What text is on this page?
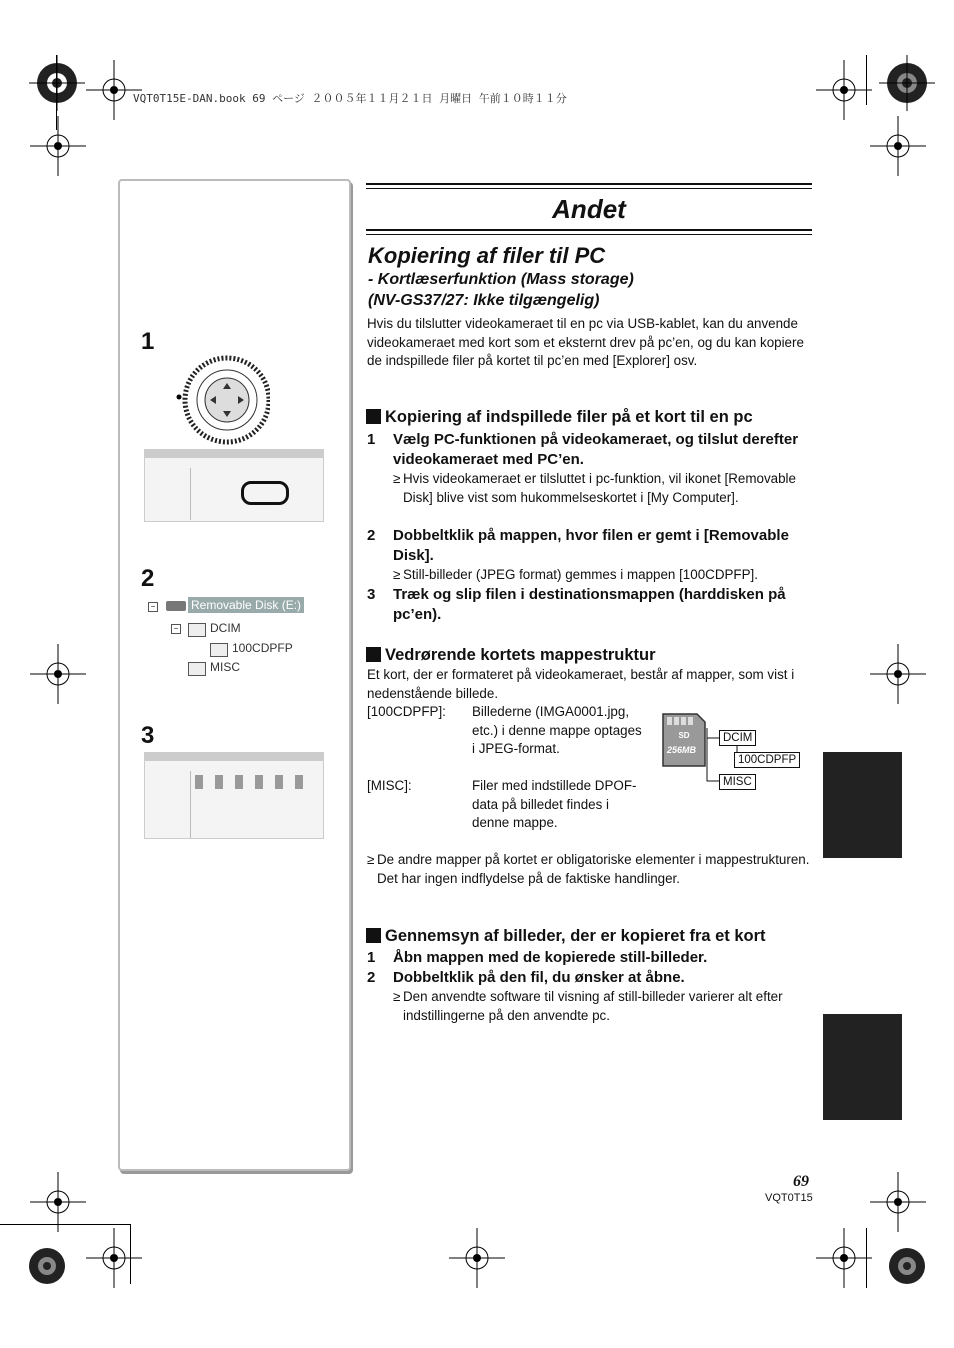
VQT0T15E-DAN.book 69 ページ ２００５年１１月２１日 月曜日 午前１０時１１分
1
2
−	Removable Disk (E:)
−	DCIM
100CDPFP
MISC
3
Andet
Kopiering af filer til PC
- Kortlæserfunktion (Mass storage)
(NV-GS37/27: Ikke tilgængelig)
Hvis du tilslutter videokameraet til en pc via USB-kablet, kan du anvende videokameraet med kort som et eksternt drev på pc’en, og du kan kopiere de indspillede filer på kortet til pc’en med [Explorer] osv.
Kopiering af indspillede filer på et kort til en pc
1 Vælg PC-funktionen på videokameraet, og tilslut derefter videokameraet med PC’en.
≥ Hvis videokameraet er tilsluttet i pc-funktion, vil ikonet [Removable Disk] blive vist som hukommelseskortet i [My Computer].
2 Dobbeltklik på mappen, hvor filen er gemt i [Removable Disk].
≥ Still-billeder (JPEG format) gemmes i mappen [100CDPFP].
3 Træk og slip filen i destinationsmappen (harddisken på pc’en).
Vedrørende kortets mappestruktur
Et kort, der er formateret på videokameraet, består af mapper, som vist i nedenstående billede.
[100CDPFP]: Billederne (IMGA0001.jpg, etc.) i denne mappe optages i JPEG-format.
[MISC]:	Filer med indstillede DPOF-data på billedet findes i denne mappe.
SD
256MB
DCIM
100CDPFP
MISC
≥ De andre mapper på kortet er obligatoriske elementer i mappestrukturen. Det har ingen indflydelse på de faktiske handlinger.
Gennemsyn af billeder, der er kopieret fra et kort
1 Åbn mappen med de kopierede still-billeder.
2 Dobbeltklik på den fil, du ønsker at åbne.
≥ Den anvendte software til visning af still-billeder varierer alt efter indstillingerne på den anvendte pc.
69
VQT0T15
